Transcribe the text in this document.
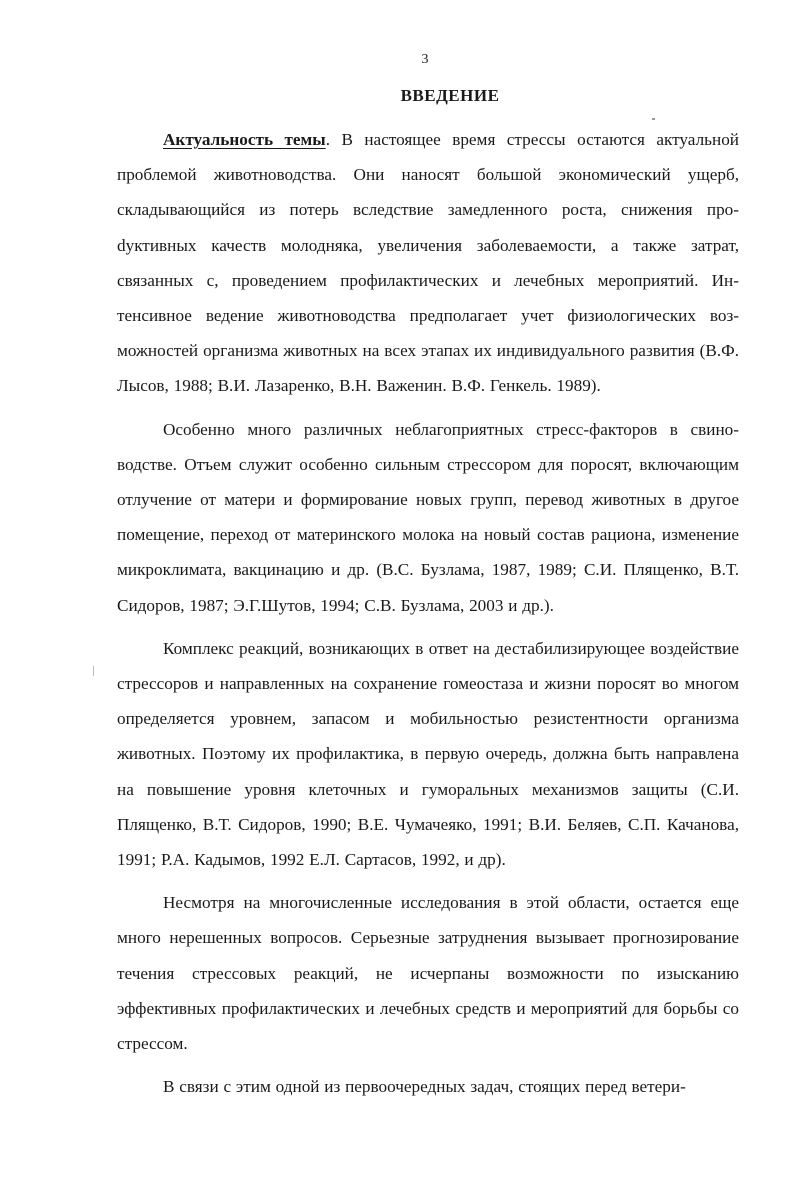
3
ВВЕДЕНИЕ

Актуальность темы. В настоящее время стрессы остаются актуальной проблемой животноводства. Они наносят большой экономический ущерб, складывающийся из потерь вследствие замедленного роста, снижения проdуктивных качеств молодняка, увеличения заболеваемости, а также затрат, связанных с, проведением профилактических и лечебных мероприятий. Интенсивное ведение животноводства предполагает учет физиологических возможностей организма животных на всех этапах их индивидуального развития (В.Ф. Лысов, 1988; В.И. Лазаренко, В.Н. Важенин. В.Ф. Генкель. 1989).

Особенно много различных неблагоприятных стресс-факторов в свиноводстве. Отъем служит особенно сильным стрессором для поросят, включающим отлучение от матери и формирование новых групп, перевод животных в другое помещение, переход от материнского молока на новый состав рациона, изменение микроклимата, вакцинацию и др. (В.С. Бузлама, 1987, 1989; С.И. Плященко, В.Т. Сидоров, 1987; Э.Г.Шутов, 1994; С.В. Бузлама, 2003 и др.).

Комплекс реакций, возникающих в ответ на дестабилизирующее воздействие стрессоров и направленных на сохранение гомеостаза и жизни поросят во многом определяется уровнем, запасом и мобильностью резистентности организма животных. Поэтому их профилактика, в первую очередь, должна быть направлена на повышение уровня клеточных и гуморальных механизмов защиты (С.И. Плященко, В.Т. Сидоров, 1990; В.Е. Чумачеяко, 1991; В.И. Беляев, С.П. Качанова, 1991; Р.А. Кадымов, 1992 Е.Л. Сартасов, 1992, и др).

Несмотря на многочисленные исследования в этой области, остается еще много нерешенных вопросов. Серьезные затруднения вызывает прогнозирование течения стрессовых реакций, не исчерпаны возможности по изысканию эффективных профилактических и лечебных средств и мероприятий для борьбы со стрессом.

В связи с этим одной из первоочередных задач, стоящих перед ветери-
